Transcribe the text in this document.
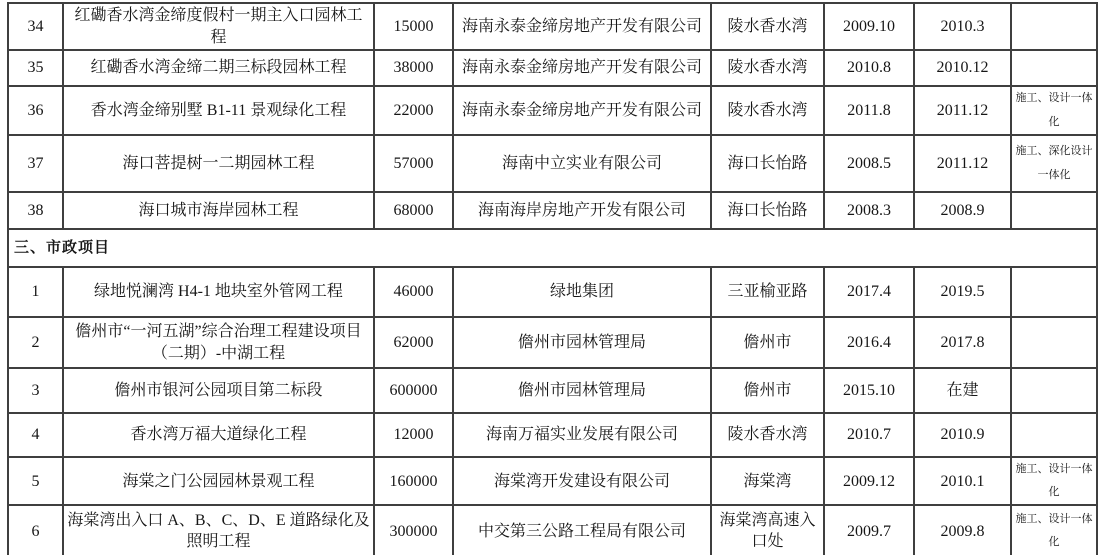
34	红磡香水湾金缔度假村一期主入口园林工程	15000	海南永泰金缔房地产开发有限公司	陵水香水湾	2009.10	2010.3	
35	红磡香水湾金缔二期三标段园林工程	38000	海南永泰金缔房地产开发有限公司	陵水香水湾	2010.8	2010.12	
36	香水湾金缔别墅 B1-11 景观绿化工程	22000	海南永泰金缔房地产开发有限公司	陵水香水湾	2011.8	2011.12	施工、设计一体化
37	海口菩提树一二期园林工程	57000	海南中立实业有限公司	海口长怡路	2008.5	2011.12	施工、深化设计一体化
38	海口城市海岸园林工程	68000	海南海岸房地产开发有限公司	海口长怡路	2008.3	2008.9	
三、市政项目							
1	绿地悦澜湾 H4-1 地块室外管网工程	46000	绿地集团	三亚榆亚路	2017.4	2019.5	
2	儋州市“一河五湖”综合治理工程建设项目（二期）-中湖工程	62000	儋州市园林管理局	儋州市	2016.4	2017.8	
3	儋州市银河公园项目第二标段	600000	儋州市园林管理局	儋州市	2015.10	在建	
4	香水湾万福大道绿化工程	12000	海南万福实业发展有限公司	陵水香水湾	2010.7	2010.9	
5	海棠之门公园园林景观工程	160000	海棠湾开发建设有限公司	海棠湾	2009.12	2010.1	施工、设计一体化
6	海棠湾出入口 A、B、C、D、E 道路绿化及照明工程	300000	中交第三公路工程局有限公司	海棠湾高速入口处	2009.7	2009.8	施工、设计一体化
